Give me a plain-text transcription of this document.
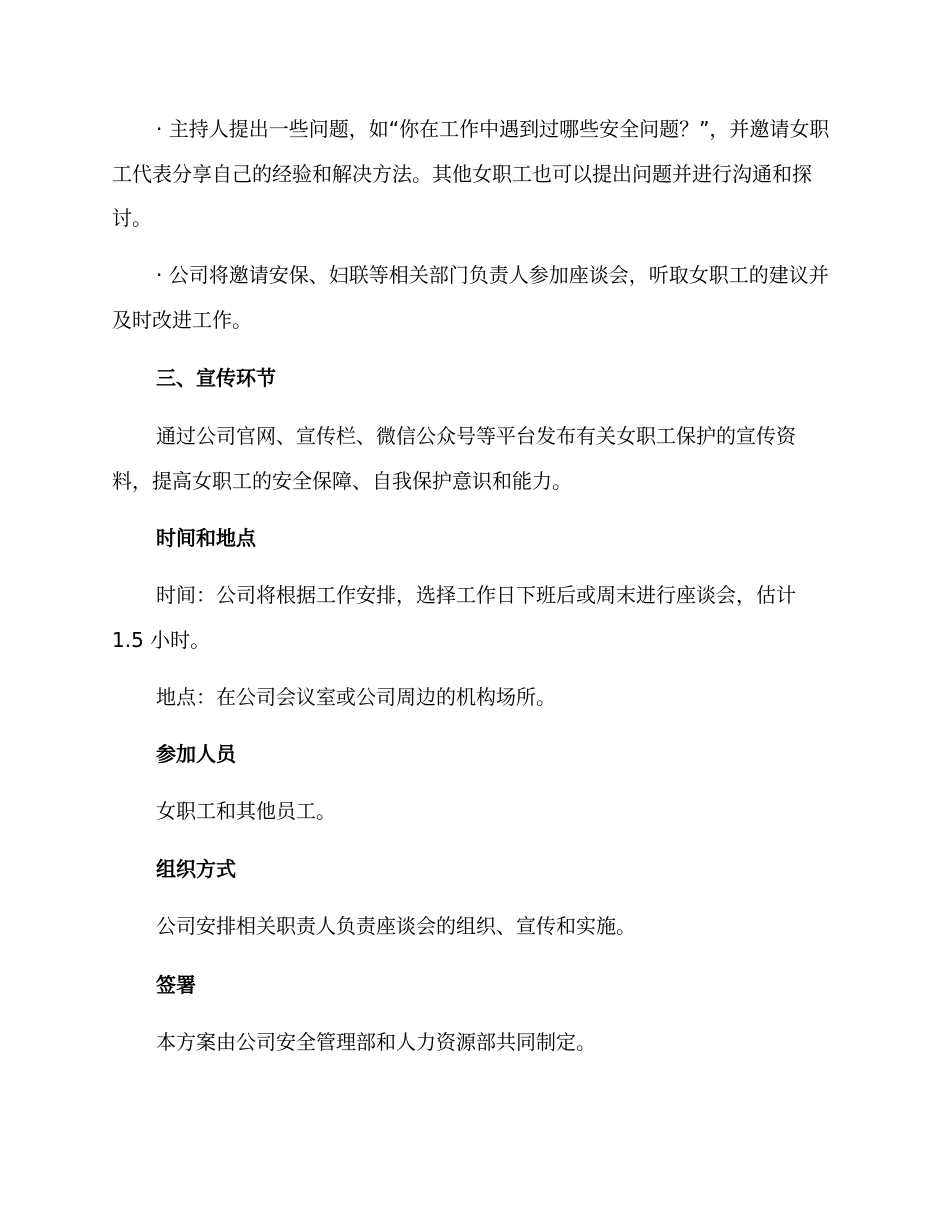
· 主持人提出一些问题，如“你在工作中遇到过哪些安全问题？”，并邀请女职工代表分享自己的经验和解决方法。其他女职工也可以提出问题并进行沟通和探讨。

· 公司将邀请安保、妇联等相关部门负责人参加座谈会，听取女职工的建议并及时改进工作。

三、宣传环节

通过公司官网、宣传栏、微信公众号等平台发布有关女职工保护的宣传资料，提高女职工的安全保障、自我保护意识和能力。

时间和地点

时间：公司将根据工作安排，选择工作日下班后或周末进行座谈会，估计 1.5 小时。

地点：在公司会议室或公司周边的机构场所。

参加人员

女职工和其他员工。

组织方式

公司安排相关职责人负责座谈会的组织、宣传和实施。

签署

本方案由公司安全管理部和人力资源部共同制定。
